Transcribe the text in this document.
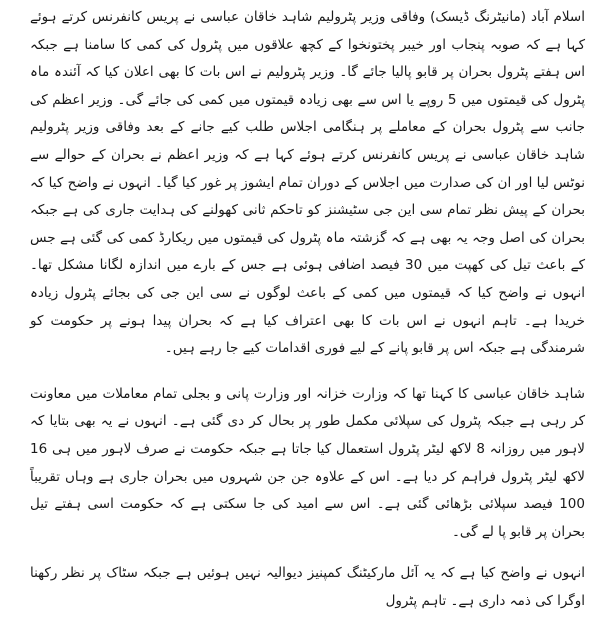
اسلام آباد (مانیٹرنگ ڈیسک) وفاقی وزیر پٹرولیم شاہد خاقان عباسی نے پریس کانفرنس کرتے ہوئے کہا ہے کہ صوبہ پنجاب اور خیبر پختونخوا کے کچھ علاقوں میں پٹرول کی کمی کا سامنا ہے جبکہ اس ہفتے پٹرول بحران پر قابو پالیا جائے گا۔ وزیر پٹرولیم نے اس بات کا بھی اعلان کیا کہ آئندہ ماہ پٹرول کی قیمتوں میں 5 روپے یا اس سے بھی زیادہ قیمتوں میں کمی کی جائے گی۔ وزیر اعظم کی جانب سے پٹرول بحران کے معاملے پر ہنگامی اجلاس طلب کیے جانے کے بعد وفاقی وزیر پٹرولیم شاہد خاقان عباسی نے پریس کانفرنس کرتے ہوئے کہا ہے کہ وزیر اعظم نے بحران کے حوالے سے نوٹس لیا اور ان کی صدارت میں اجلاس کے دوران تمام ایشوز پر غور کیا گیا۔ انہوں نے واضح کیا کہ بحران کے پیش نظر تمام سی این جی سٹیشنز کو تاحکم ثانی کھولنے کی ہدایت جاری کی ہے جبکہ بحران کی اصل وجہ یہ بھی ہے کہ گزشتہ ماہ پٹرول کی قیمتوں میں ریکارڈ کمی کی گئی ہے جس کے باعث تیل کی کھپت میں 30 فیصد اضافی ہوئی ہے جس کے بارے میں اندازہ لگانا مشکل تھا۔ انہوں نے واضح کیا کہ قیمتوں میں کمی کے باعث لوگوں نے سی این جی کی بجائے پٹرول زیادہ خریدا ہے۔ تاہم انہوں نے اس بات کا بھی اعتراف کیا ہے کہ بحران پیدا ہونے پر حکومت کو شرمندگی ہے جبکہ اس پر قابو پانے کے لیے فوری اقدامات کیے جا رہے ہیں۔

شاہد خاقان عباسی کا کہنا تھا کہ وزارت خزانہ اور وزارت پانی و بجلی تمام معاملات میں معاونت کر رہی ہے جبکہ پٹرول کی سپلائی مکمل طور پر بحال کر دی گئی ہے۔ انہوں نے یہ بھی بتایا کہ لاہور میں روزانہ 8 لاکھ لیٹر پٹرول استعمال کیا جاتا ہے جبکہ حکومت نے صرف لاہور میں ہی 16 لاکھ لیٹر پٹرول فراہم کر دیا ہے۔ اس کے علاوہ جن جن شہروں میں بحران جاری ہے وہاں تقریباً 100 فیصد سپلائی بڑھائی گئی ہے۔ اس سے امید کی جا سکتی ہے کہ حکومت اسی ہفتے تیل بحران پر قابو پا لے گی۔

انہوں نے واضح کیا ہے کہ یہ آئل مارکیٹنگ کمپنیز دیوالیہ نہیں ہوئیں ہے جبکہ سٹاک پر نظر رکھنا اوگرا کی ذمہ داری ہے۔ تاہم پٹرول
